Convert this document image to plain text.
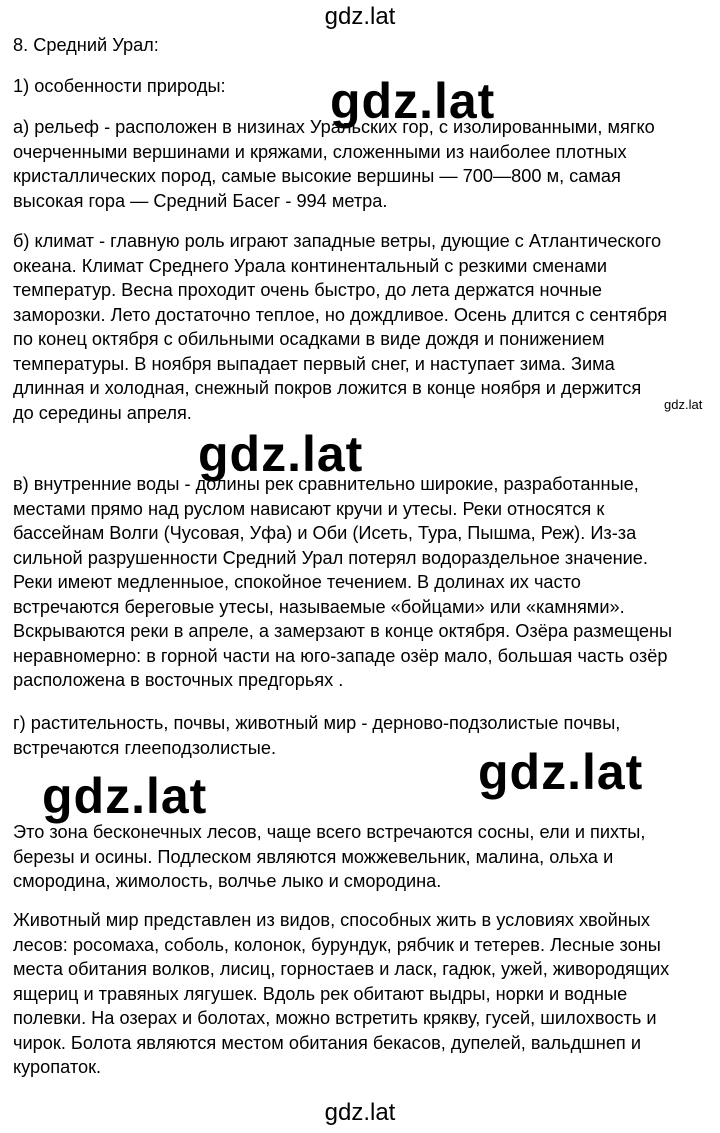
gdz.lat
gdz.lat
gdz.lat
gdz.lat
gdz.lat
gdz.lat
gdz.lat
8. Средний Урал:
1) особенности природы:
а) рельеф - расположен в низинах Уральских гор, с изолированными, мягко
очерченными вершинами и кряжами, сложенными из наиболее плотных
кристаллических пород, самые высокие вершины — 700—800 м, самая
высокая гора — Средний Басег - 994 метра.
б) климат - главную роль играют западные ветры, дующие с Атлантического
океана. Климат Среднего Урала континентальный с резкими сменами
температур. Весна проходит очень быстро, до лета держатся ночные
заморозки. Лето достаточно теплое, но дождливое. Осень длится с сентября
по конец октября с обильными осадками в виде дождя и понижением
температуры. В ноября выпадает первый снег, и наступает зима. Зима
длинная и холодная, снежный покров ложится в конце ноября и держится
до середины апреля.
в) внутренние воды - долины рек сравнительно широкие, разработанные,
местами прямо над руслом нависают кручи и утесы. Реки относятся к
бассейнам Волги (Чусовая, Уфа) и Оби (Исеть, Тура, Пышма, Реж). Из-за
сильной разрушенности Средний Урал потерял водораздельное значение.
Реки имеют медленныое, спокойное течением. В долинах их часто
встречаются береговые утесы, называемые «бойцами» или «камнями».
Вскрываются реки в апреле, а замерзают в конце октября. Озёра размещены
неравномерно: в горной части на юго-западе озёр мало, большая часть озёр
расположена в восточных предгорьях .
г) растительность, почвы, животный мир - дерново-подзолистые почвы,
встречаются глееподзолистые.
Это зона бесконечных лесов, чаще всего встречаются сосны, ели и пихты,
березы и осины. Подлеском являются можжевельник, малина, ольха и
смородина, жимолость, волчье лыко и смородина.
Животный мир представлен из видов, способных жить в условиях хвойных
лесов: росомаха, соболь, колонок, бурундук, рябчик и тетерев. Лесные зоны
места обитания волков, лисиц, горностаев и ласк, гадюк, ужей, живородящих
ящериц и травяных лягушек. Вдоль рек обитают выдры, норки и водные
полевки. На озерах и болотах, можно встретить крякву, гусей, шилохвость и
чирок. Болота являются местом обитания бекасов, дупелей, вальдшнеп и
куропаток.
